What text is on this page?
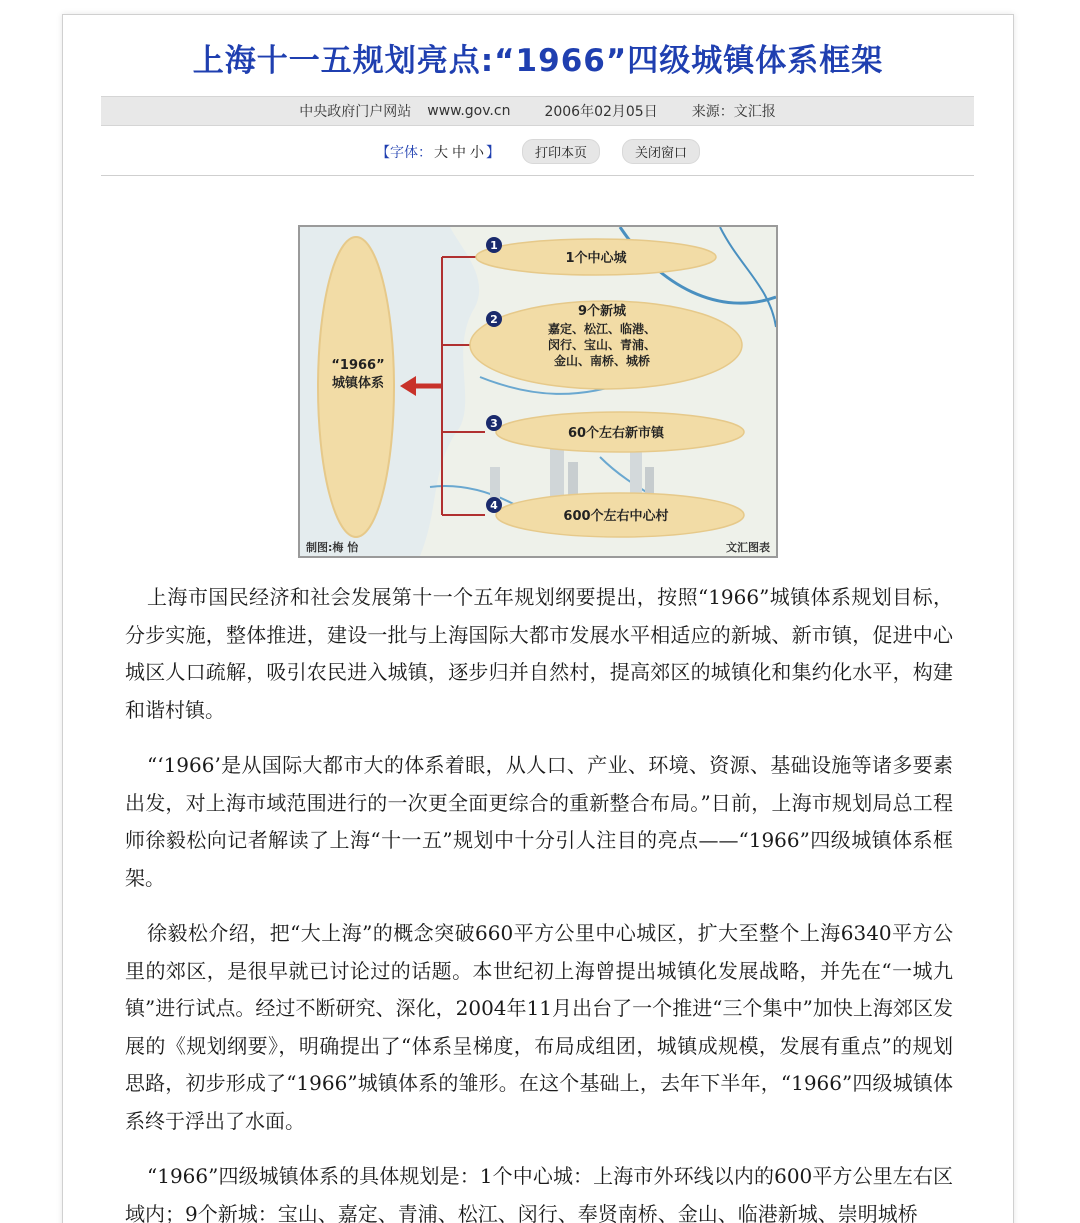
上海十一五规划亮点:“1966”四级城镇体系框架
中央政府门户网站 www.gov.cn 2006年02月05日 来源：文汇报
【字体： 大 中 小 】	打印本页	关闭窗口
“1966”
城镇体系
1
1个中心城
2
9个新城
嘉定、松江、临港、
闵行、宝山、青浦、
金山、南桥、城桥
3
60个左右新市镇
4
600个左右中心村
制图:梅 怡	文汇图表

上海市国民经济和社会发展第十一个五年规划纲要提出，按照“1966”城镇体系规划目标，分步实施，整体推进，建设一批与上海国际大都市发展水平相适应的新城、新市镇，促进中心城区人口疏解，吸引农民进入城镇，逐步归并自然村，提高郊区的城镇化和集约化水平，构建和谐村镇。

“‘1966’是从国际大都市大的体系着眼，从人口、产业、环境、资源、基础设施等诸多要素出发，对上海市域范围进行的一次更全面更综合的重新整合布局。”日前，上海市规划局总工程师徐毅松向记者解读了上海“十一五”规划中十分引人注目的亮点——“1966”四级城镇体系框架。

徐毅松介绍，把“大上海”的概念突破660平方公里中心城区，扩大至整个上海6340平方公里的郊区，是很早就已讨论过的话题。本世纪初上海曾提出城镇化发展战略，并先在“一城九镇”进行试点。经过不断研究、深化，2004年11月出台了一个推进“三个集中”加快上海郊区发展的《规划纲要》，明确提出了“体系呈梯度，布局成组团，城镇成规模，发展有重点”的规划思路，初步形成了“1966”城镇体系的雏形。在这个基础上，去年下半年，“1966”四级城镇体系终于浮出了水面。

“1966”四级城镇体系的具体规划是：1个中心城：上海市外环线以内的600平方公里左右区域内；9个新城：宝山、嘉定、青浦、松江、闵行、奉贤南桥、金山、临港新城、崇明城桥
